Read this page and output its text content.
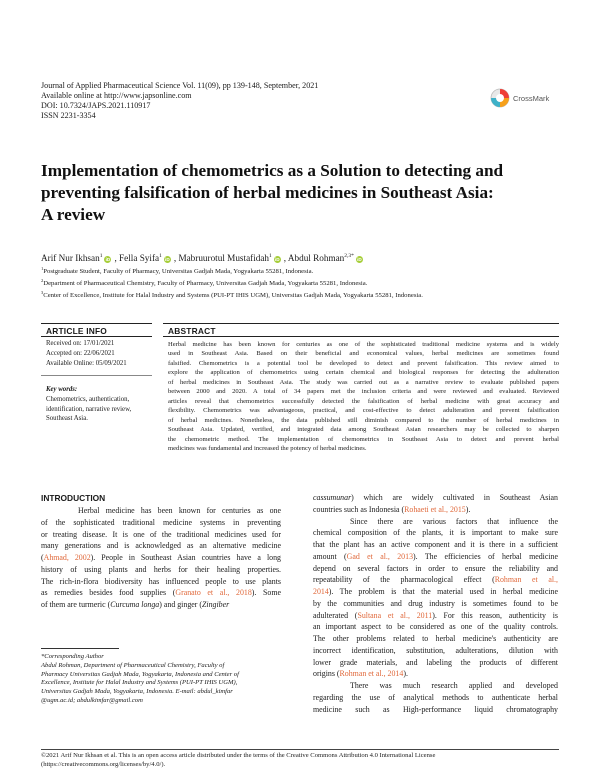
Journal of Applied Pharmaceutical Science Vol. 11(09), pp 139-148, September, 2021
Available online at http://www.japsonline.com
DOI: 10.7324/JAPS.2021.110917
ISSN 2231-3354
CrossMark
Implementation of chemometrics as a Solution to detecting and
preventing falsification of herbal medicines in Southeast Asia:
A review
Arif Nur Ikhsan$^1$iD , Fella Syifa$^1$iD , Mabruurotul Mustafidah$^1$iD , Abdul Rohman$^{2,3*}$iD
$^1$Postgraduate Student, Faculty of Pharmacy, Universitas Gadjah Mada, Yogyakarta 55281, Indonesia.
$^2$Department of Pharmaceutical Chemistry, Faculty of Pharmacy, Universitas Gadjah Mada, Yogyakarta 55281, Indonesia.
$^3$Center of Excellence, Institute for Halal Industry and Systems (PUI-PT IHIS UGM), Universitas Gadjah Mada, Yogyakarta 55281, Indonesia.
ARTICLE INFO	ABSTRACT
Received on: 17/01/2021
Accepted on: 22/06/2021
Available Online: 05/09/2021
Key words:
Chemometrics, authentication, identification, narrative review, Southeast Asia.
Herbal medicine has been known for centuries as one of the sophisticated traditional medicine systems and is widely
used in Southeast Asia. Based on their beneficial and economical values, herbal medicines are sometimes found
falsified. Chemometrics is a potential tool be developed to detect and prevent falsification. This review aimed to
explore the application of chemometrics using certain chemical and biological responses for detecting the adulteration
of herbal medicines in Southeast Asia. The study was carried out as a narrative review to evaluate published papers
between 2000 and 2020. A total of 34 papers met the inclusion criteria and were reviewed and evaluated. Reviewed
articles reveal that chemometrics successfully detected the falsification of herbal medicine with great accuracy and
flexibility. Chemometrics was advantageous, practical, and cost-effective to detect adulteration and prevent falsification
of herbal medicines. Nonetheless, the data published still diminish compared to the number of herbal medicines in
Southeast Asia. Updated, verified, and integrated data among Southeast Asian researchers may be collected to sharpen
the chemometric method. The implementation of chemometrics in Southeast Asia to detect and prevent herbal
medicines was fundamental and increased the potency of herbal medicines.
INTRODUCTION
Herbal medicine has been known for centuries as one
of the sophisticated traditional medicine systems in preventing
or treating disease. It is one of the traditional medicines used for
many generations and is acknowledged as an alternative medicine
(Ahmad, 2002). People in Southeast Asian countries have a long
history of using plants and herbs for their healing properties.
The rich-in-flora biodiversity has influenced people to use plants
as remedies besides food supplies (Granato et al., 2018). Some
of them are turmeric (Curcuma longa) and ginger (Zingiber
cassumunar) which are widely cultivated in Southeast Asian
countries such as Indonesia (Rohaeti et al., 2015).
Since there are various factors that influence the
chemical composition of the plants, it is important to make sure
that the plant has an active component and it is there in a sufficient
amount (Gad et al., 2013). The efficiencies of herbal medicine
depend on several factors in order to ensure the reliability and
repeatability of the pharmacological effect (Rohman et al.,
2014). The problem is that the material used in herbal medicine
by the communities and drug industry is sometimes found to be
adulterated (Sultana et al., 2011). For this reason, authenticity is
an important aspect to be considered as one of the quality controls.
The other problems related to herbal medicine's authenticity are
incorrect identification, substitution, adulterations, dilution with
lower grade materials, and labeling the products of different
origins (Rohman et al., 2014).
There was much research applied and developed
regarding the use of analytical methods to authenticate herbal
medicine such as High-performance liquid chromatography
*Corresponding Author
Abdul Rohman, Department of Pharmaceutical Chemistry, Faculty of
Pharmacy Universitas Gadjah Mada, Yogyakarta, Indonesia and Center of
Excellence, Institute for Halal Industry and Systems (PUI-PT IHIS UGM),
Universitas Gadjah Mada, Yogyakarta, Indonesia. E-mail: abdul_kimfar
@ugm.ac.id; abdulkimfar@gmail.com
©2021 Arif Nur Ikhsan et al. This is an open access article distributed under the terms of the Creative Commons Attribution 4.0 International License
(https://creativecommons.org/licenses/by/4.0/).
